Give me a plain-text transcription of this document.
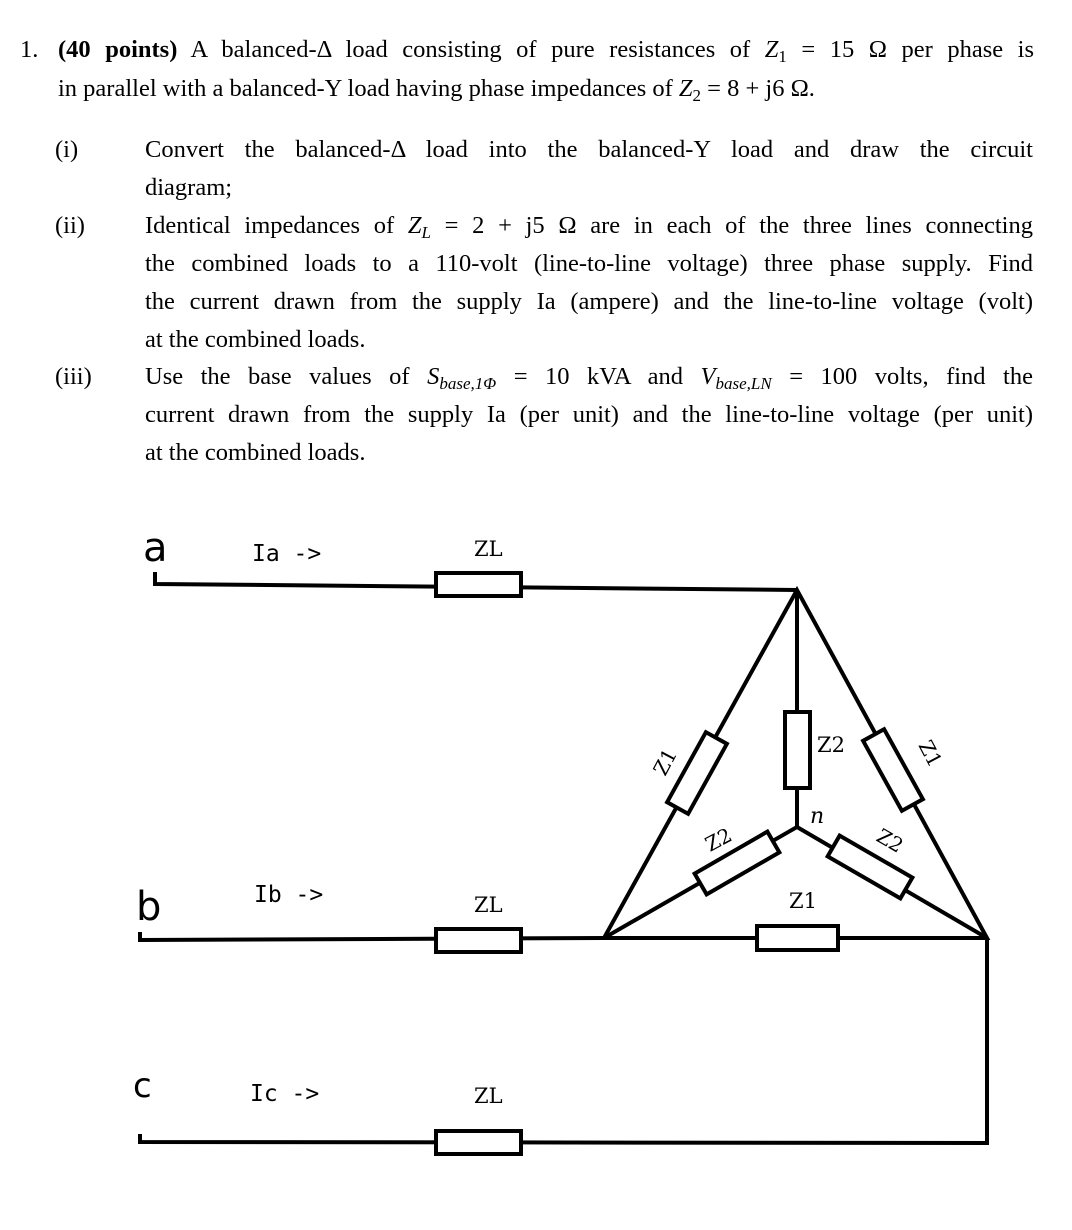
1. (40 points) A balanced-Δ load consisting of pure resistances of $Z_1 = 15$ Ω per phase is
in parallel with a balanced-Y load having phase impedances of $Z_2 = 8 + j6$ Ω.
(i)	Convert the balanced-Δ load into the balanced-Y load and draw the circuit
diagram;
(ii) Identical impedances of $Z_L = 2 + j5$ Ω are in each of the three lines connecting
the combined loads to a 110-volt (line-to-line voltage) three phase supply. Find
the current drawn from the supply Ia (ampere) and the line-to-line voltage (volt)
at the combined loads.
(iii) Use the base values of $S_{base,1\Phi} = 10$ kVA and $V_{base,LN} = 100$ volts, find the
current drawn from the supply Ia (per unit) and the line-to-line voltage (per unit)
at the combined loads.
a
b
c
Ia ->
Ib ->
Ic ->
ZL
ZL
ZL
Z2
Z1
Z1	Z1
Z2	Z2
n
